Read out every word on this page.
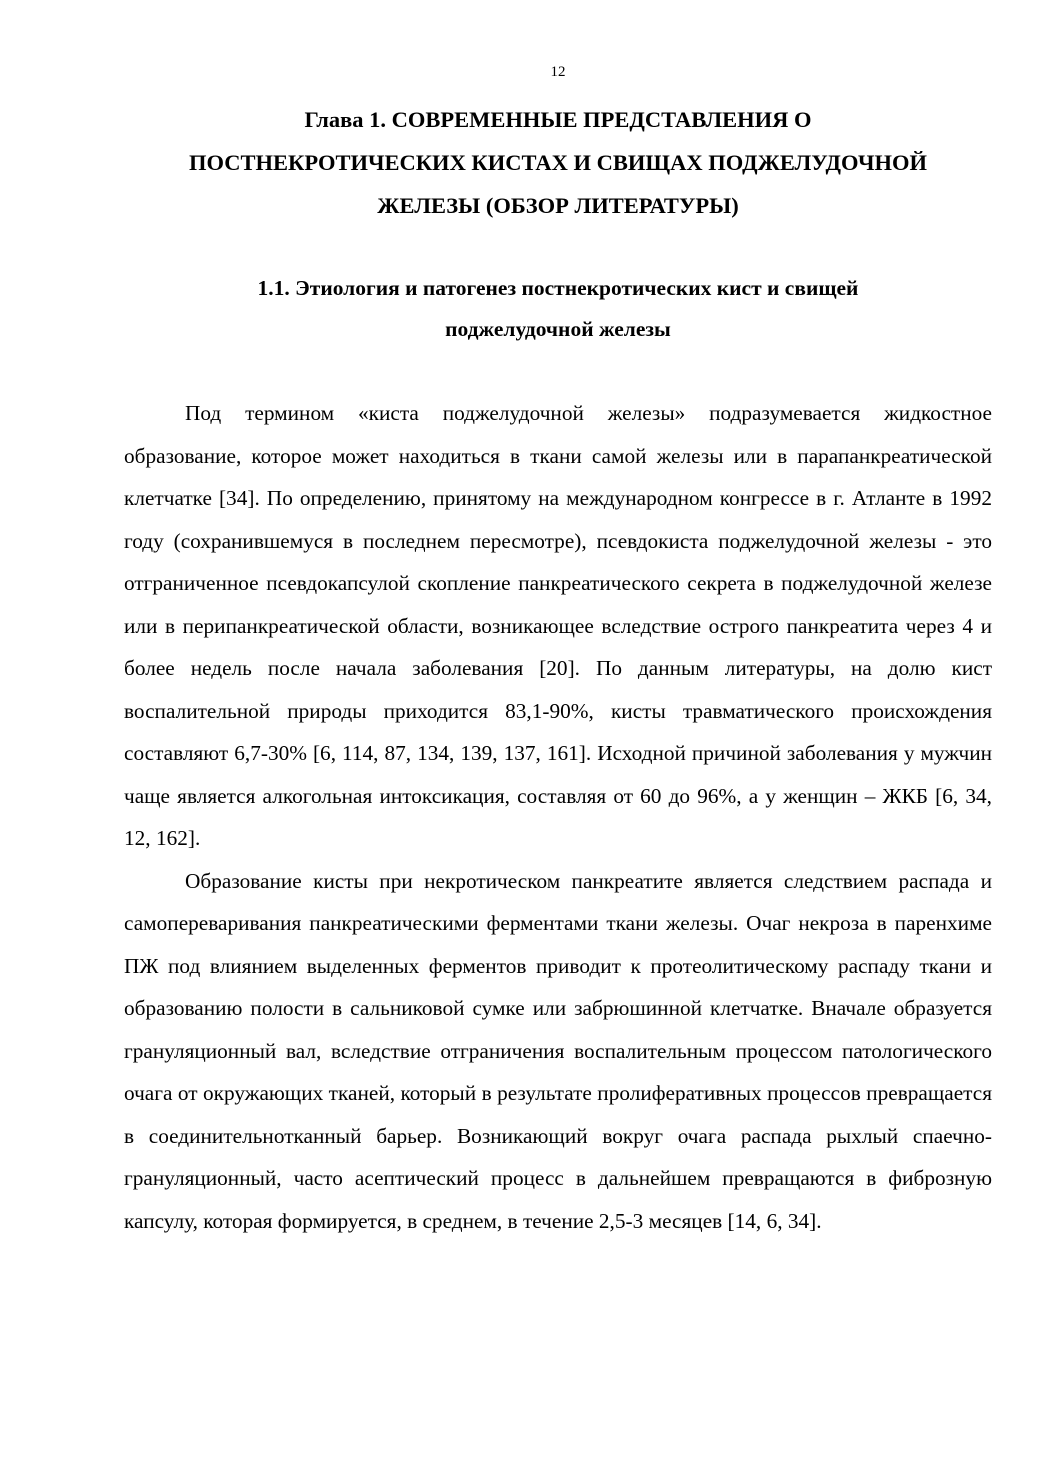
12
Глава 1. СОВРЕМЕННЫЕ ПРЕДСТАВЛЕНИЯ О
ПОСТНЕКРОТИЧЕСКИХ КИСТАХ И СВИЩАХ ПОДЖЕЛУДОЧНОЙ
ЖЕЛЕЗЫ (ОБЗОР ЛИТЕРАТУРЫ)
1.1. Этиология и патогенез постнекротических кист и свищей
поджелудочной железы

Под термином «киста поджелудочной железы» подразумевается жидкостное образование, которое может находиться в ткани самой железы или в парапанкреатической клетчатке [34]. По определению, принятому на международном конгрессе в г. Атланте в 1992 году (сохранившемуся в последнем пересмотре), псевдокиста поджелудочной железы - это отграниченное псевдокапсулой скопление панкреатического секрета в поджелудочной железе или в перипанкреатической области, возникающее вследствие острого панкреатита через 4 и более недель после начала заболевания [20]. По данным литературы, на долю кист воспалительной природы приходится 83,1-90%, кисты травматического происхождения составляют 6,7-30% [6, 114, 87, 134, 139, 137, 161]. Исходной причиной заболевания у мужчин чаще является алкогольная интоксикация, составляя от 60 до 96%, а у женщин – ЖКБ [6, 34, 12, 162].

Образование кисты при некротическом панкреатите является следствием распада и самопереваривания панкреатическими ферментами ткани железы. Очаг некроза в паренхиме ПЖ под влиянием выделенных ферментов приводит к протеолитическому распаду ткани и образованию полости в сальниковой сумке или забрюшинной клетчатке. Вначале образуется грануляционный вал, вследствие отграничения воспалительным процессом патологического очага от окружающих тканей, который в результате пролиферативных процессов превращается в соединительнотканный барьер. Возникающий вокруг очага распада рыхлый спаечно-грануляционный, часто асептический процесс в дальнейшем превращаются в фиброзную капсулу, которая формируется, в среднем, в течение 2,5-3 месяцев [14, 6, 34].
